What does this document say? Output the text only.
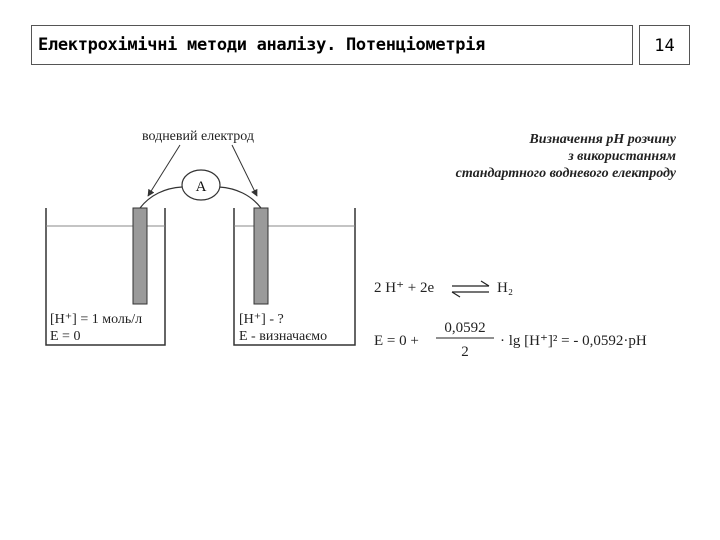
Електрохімічні методи аналізу. Потенціометрія	14
A
водневий електрод
[H⁺] = 1 моль/л
E = 0
[H⁺] - ?
E - визначаємо
Визначення pH розчину
з використанням
стандартного водневого електроду
2 H⁺ + 2e	H₂
E = 0 +
0,0592
2
· lg [H⁺]² = - 0,0592·pH
